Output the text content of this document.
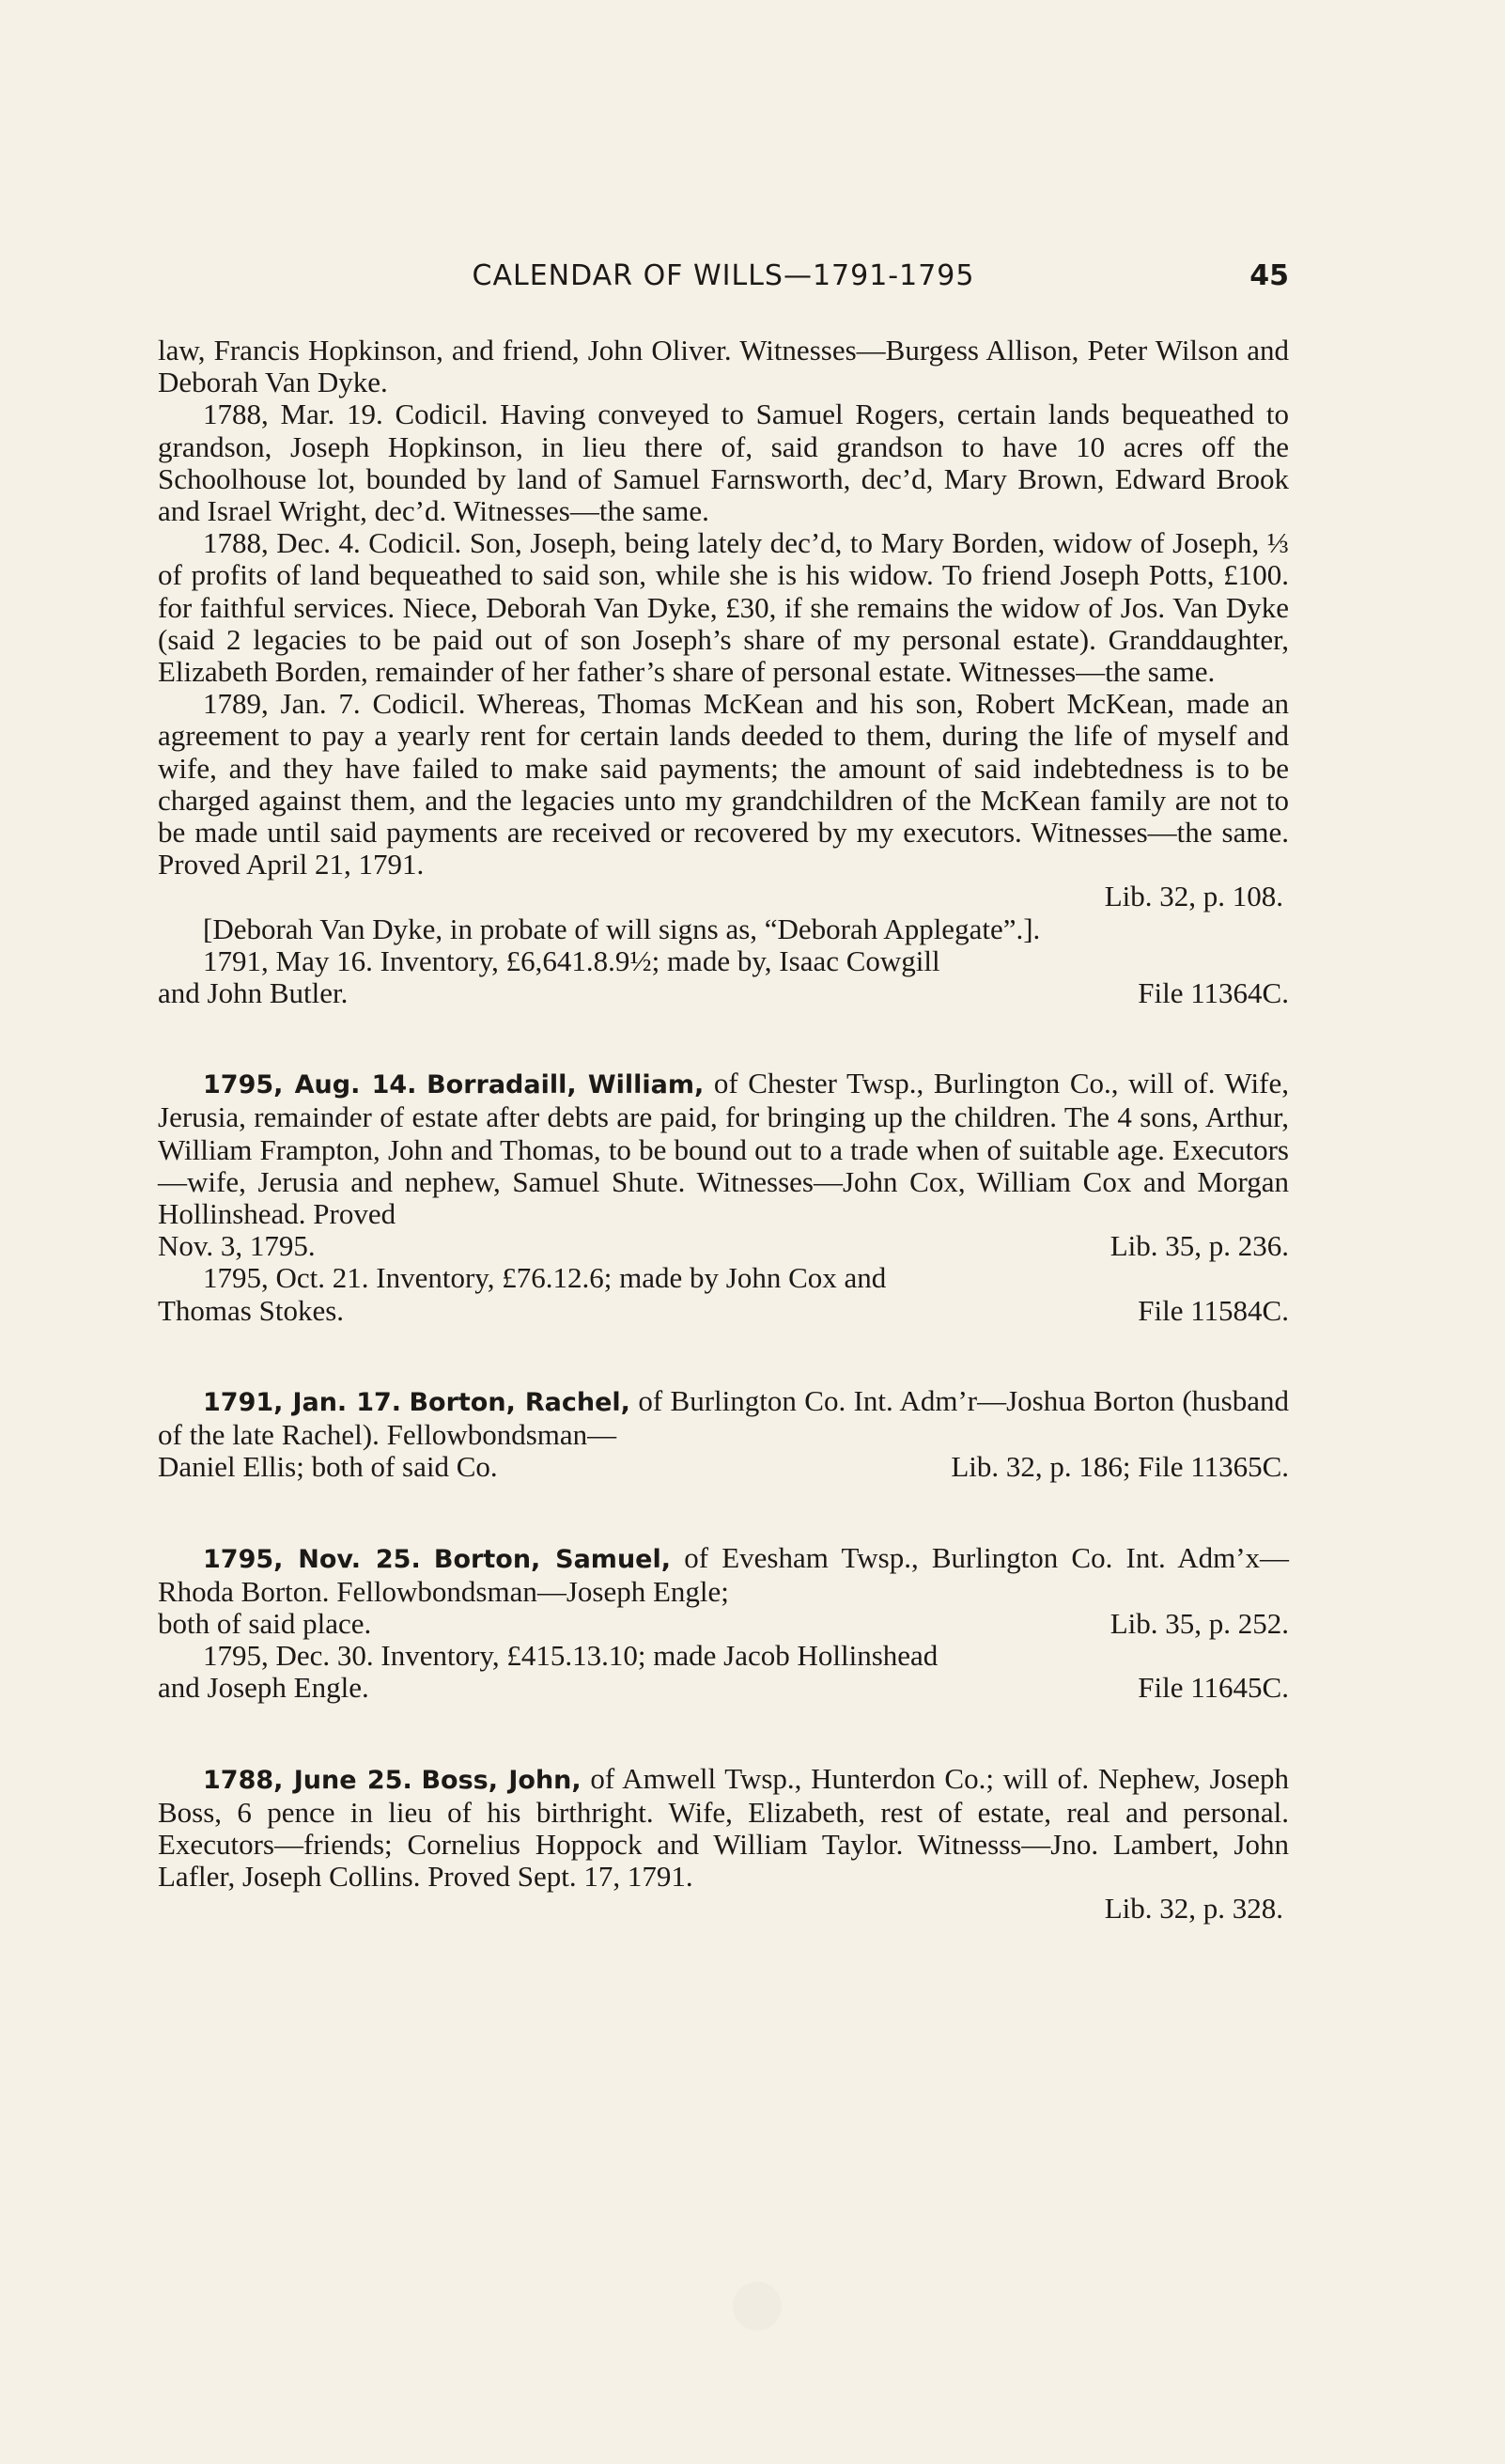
CALENDAR OF WILLS—1791-1795	45

law, Francis Hopkinson, and friend, John Oliver. Witnesses—Burgess Allison, Peter Wilson and Deborah Van Dyke.

1788, Mar. 19. Codicil. Having conveyed to Samuel Rogers, certain lands bequeathed to grandson, Joseph Hopkinson, in lieu there of, said grandson to have 10 acres off the Schoolhouse lot, bounded by land of Samuel Farnsworth, dec’d, Mary Brown, Edward Brook and Israel Wright, dec’d. Witnesses—the same.

1788, Dec. 4. Codicil. Son, Joseph, being lately dec’d, to Mary Borden, widow of Joseph, ⅓ of profits of land bequeathed to said son, while she is his widow. To friend Joseph Potts, £100. for faithful services. Niece, Deborah Van Dyke, £30, if she remains the widow of Jos. Van Dyke (said 2 legacies to be paid out of son Joseph’s share of my personal estate). Granddaughter, Elizabeth Borden, remainder of her father’s share of personal estate. Witnesses—the same.

1789, Jan. 7. Codicil. Whereas, Thomas McKean and his son, Robert McKean, made an agreement to pay a yearly rent for certain lands deeded to them, during the life of myself and wife, and they have failed to make said payments; the amount of said indebtedness is to be charged against them, and the legacies unto my grandchildren of the McKean family are not to be made until said payments are received or recovered by my executors. Witnesses—the same. Proved April 21, 1791.

Lib. 32, p. 108.

[Deborah Van Dyke, in probate of will signs as, “Deborah Applegate”.].

1791, May 16. Inventory, £6,641.8.9½; made by, Isaac Cowgill

and John Butler.	File 11364C.

1795, Aug. 14. Borradaill, William, of Chester Twsp., Burlington Co., will of. Wife, Jerusia, remainder of estate after debts are paid, for bringing up the children. The 4 sons, Arthur, William Frampton, John and Thomas, to be bound out to a trade when of suitable age. Executors—wife, Jerusia and nephew, Samuel Shute. Witnesses—John Cox, William Cox and Morgan Hollinshead. Proved

Nov. 3, 1795.	Lib. 35, p. 236.

1795, Oct. 21. Inventory, £76.12.6; made by John Cox and

Thomas Stokes.	File 11584C.

1791, Jan. 17. Borton, Rachel, of Burlington Co. Int. Adm’r—Joshua Borton (husband of the late Rachel). Fellowbondsman—

Daniel Ellis; both of said Co.	Lib. 32, p. 186; File 11365C.

1795, Nov. 25. Borton, Samuel, of Evesham Twsp., Burlington Co. Int. Adm’x—Rhoda Borton. Fellowbondsman—Joseph Engle;

both of said place.	Lib. 35, p. 252.

1795, Dec. 30. Inventory, £415.13.10; made Jacob Hollinshead

and Joseph Engle.	File 11645C.

1788, June 25. Boss, John, of Amwell Twsp., Hunterdon Co.; will of. Nephew, Joseph Boss, 6 pence in lieu of his birthright. Wife, Elizabeth, rest of estate, real and personal. Executors—friends; Cornelius Hoppock and William Taylor. Witnesss—Jno. Lambert, John Lafler, Joseph Collins. Proved Sept. 17, 1791.

Lib. 32, p. 328.
